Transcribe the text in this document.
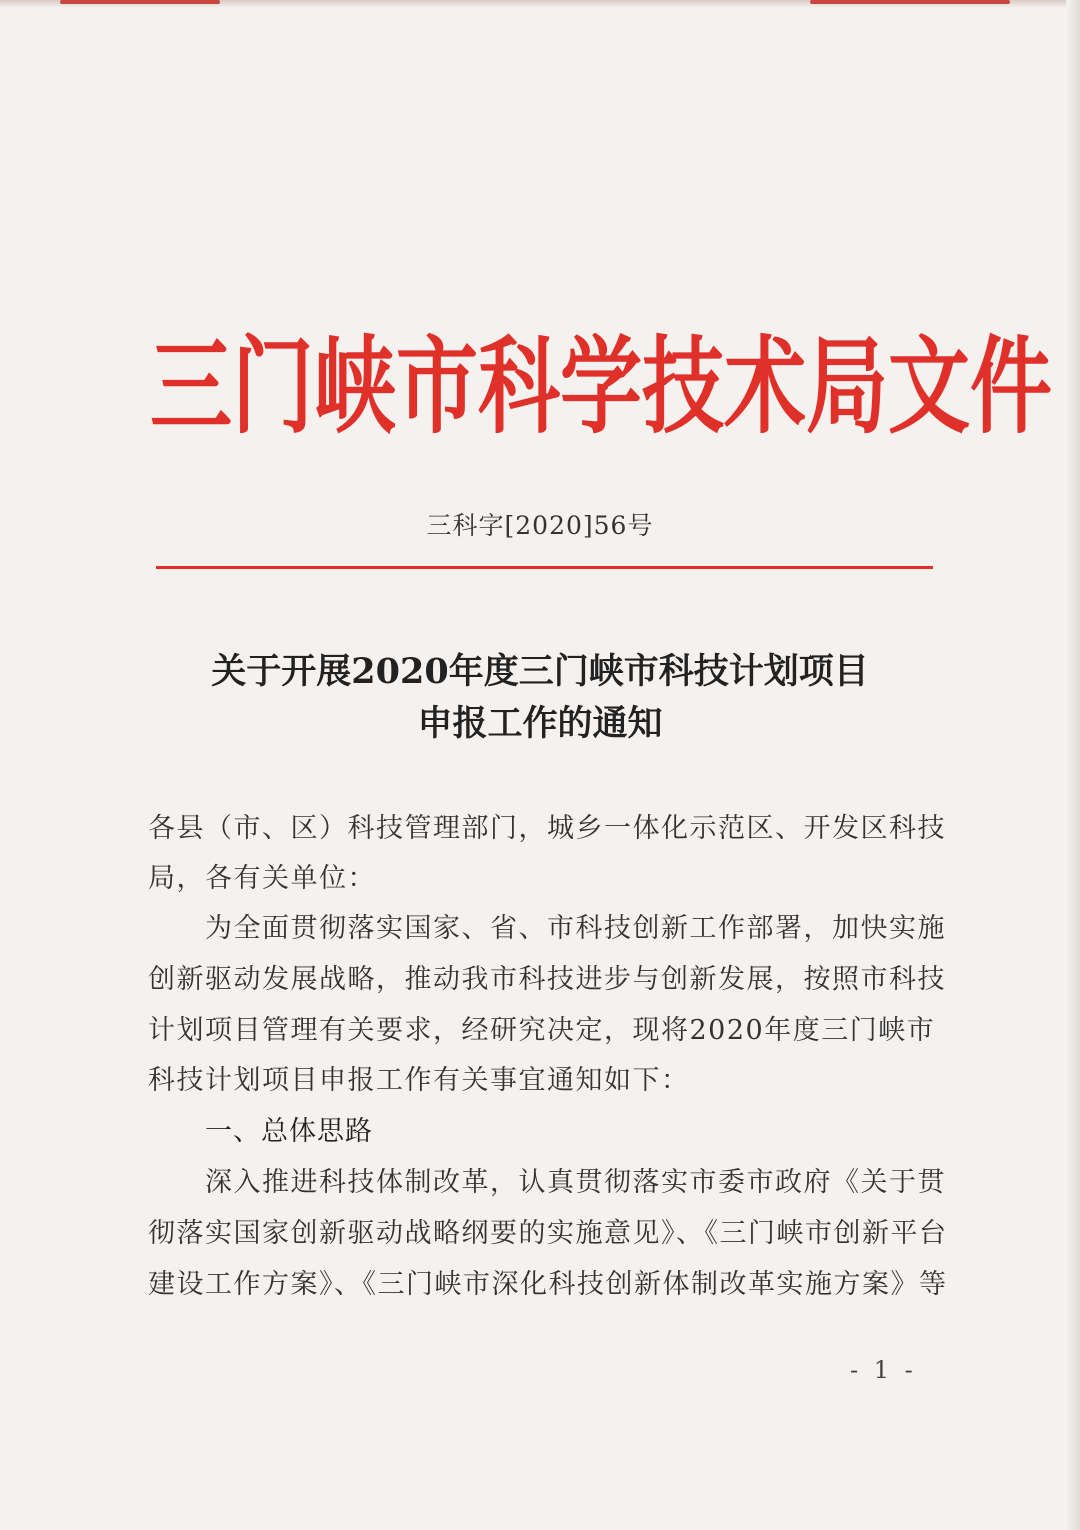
三门峡市科学技术局文件
三科字[2020]56号
关于开展2020年度三门峡市科技计划项目
申报工作的通知
各县（市、区）科技管理部门，城乡一体化示范区、开发区科技
局，各有关单位：
　　为全面贯彻落实国家、省、市科技创新工作部署，加快实施
创新驱动发展战略，推动我市科技进步与创新发展，按照市科技
计划项目管理有关要求，经研究决定，现将2020年度三门峡市
科技计划项目申报工作有关事宜通知如下：
一、总体思路
　　深入推进科技体制改革，认真贯彻落实市委市政府《关于贯
彻落实国家创新驱动战略纲要的实施意见》、《三门峡市创新平台
建设工作方案》、《三门峡市深化科技创新体制改革实施方案》等
- 1 -
